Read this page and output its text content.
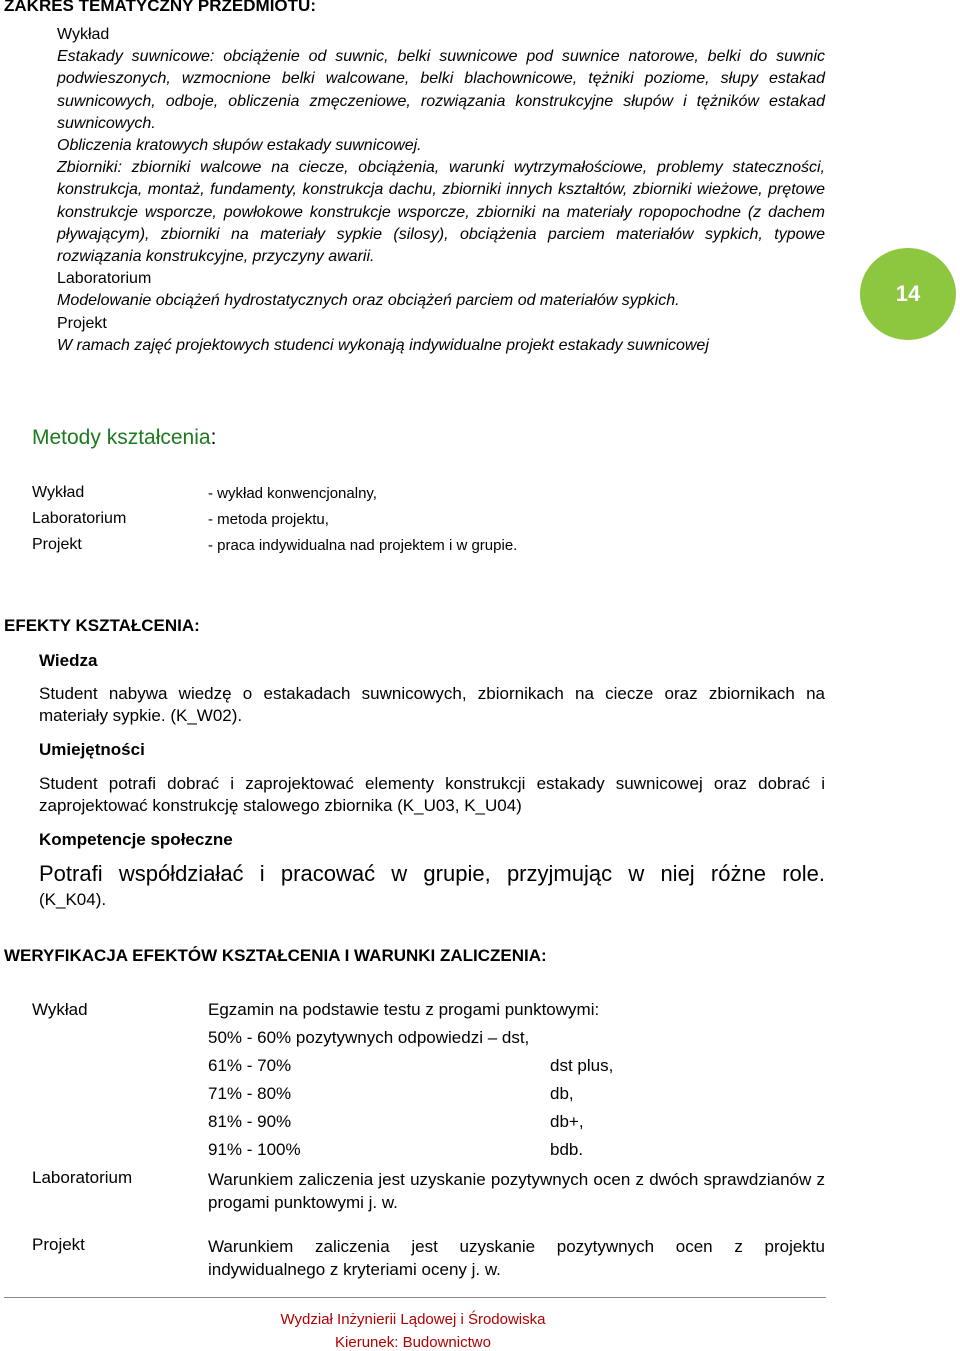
ZAKRES TEMATYCZNY PRZEDMIOTU:

Wykład

Estakady suwnicowe: obciążenie od suwnic, belki suwnicowe pod suwnice natorowe, belki do suwnic podwieszonych, wzmocnione belki walcowane, belki blachownicowe, tężniki poziome, słupy estakad suwnicowych, odboje, obliczenia zmęczeniowe, rozwiązania konstrukcyjne słupów i tężników estakad suwnicowych.

Obliczenia kratowych słupów estakady suwnicowej.

Zbiorniki: zbiorniki walcowe na ciecze, obciążenia, warunki wytrzymałościowe, problemy stateczności, konstrukcja, montaż, fundamenty, konstrukcja dachu, zbiorniki innych kształtów, zbiorniki wieżowe, prętowe konstrukcje wsporcze, powłokowe konstrukcje wsporcze, zbiorniki na materiały ropopochodne (z dachem pływającym), zbiorniki na materiały sypkie (silosy), obciążenia parciem materiałów sypkich, typowe rozwiązania konstrukcyjne, przyczyny awarii.

Laboratorium

Modelowanie obciążeń hydrostatycznych oraz obciążeń parciem od materiałów sypkich.

Projekt

W ramach zajęć projektowych studenci wykonają indywidualne projekt estakady suwnicowej

14
Metody kształcenia:
Wykład	- wykład konwencjonalny,
Laboratorium	- metoda projektu,
Projekt	- praca indywidualna nad projektem i w grupie.
EFEKTY KSZTAŁCENIA:
Wiedza
Student nabywa wiedzę o estakadach suwnicowych, zbiornikach na ciecze oraz zbiornikach na materiały sypkie. (K_W02).
Umiejętności
Student potrafi dobrać i zaprojektować elementy konstrukcji estakady suwnicowej oraz dobrać i zaprojektować konstrukcję stalowego zbiornika (K_U03, K_U04)
Kompetencje społeczne
Potrafi współdziałać i pracować w grupie, przyjmując w niej różne role.
(K_K04).
WERYFIKACJA EFEKTÓW KSZTAŁCENIA I WARUNKI ZALICZENIA:
Wykład	Egzamin na podstawie testu z progami punktowymi:
50% - 60% pozytywnych odpowiedzi – dst,
61% - 70%	dst plus,
71% - 80%	db,
81% - 90%	db+,
91% - 100%	bdb.
Laboratorium	Warunkiem zaliczenia jest uzyskanie pozytywnych ocen z dwóch sprawdzianów z progami punktowymi j. w.
Projekt	Warunkiem zaliczenia jest uzyskanie pozytywnych ocen z projektu indywidualnego z kryteriami oceny j. w.
Wydział Inżynierii Lądowej i Środowiska
Kierunek: Budownictwo
